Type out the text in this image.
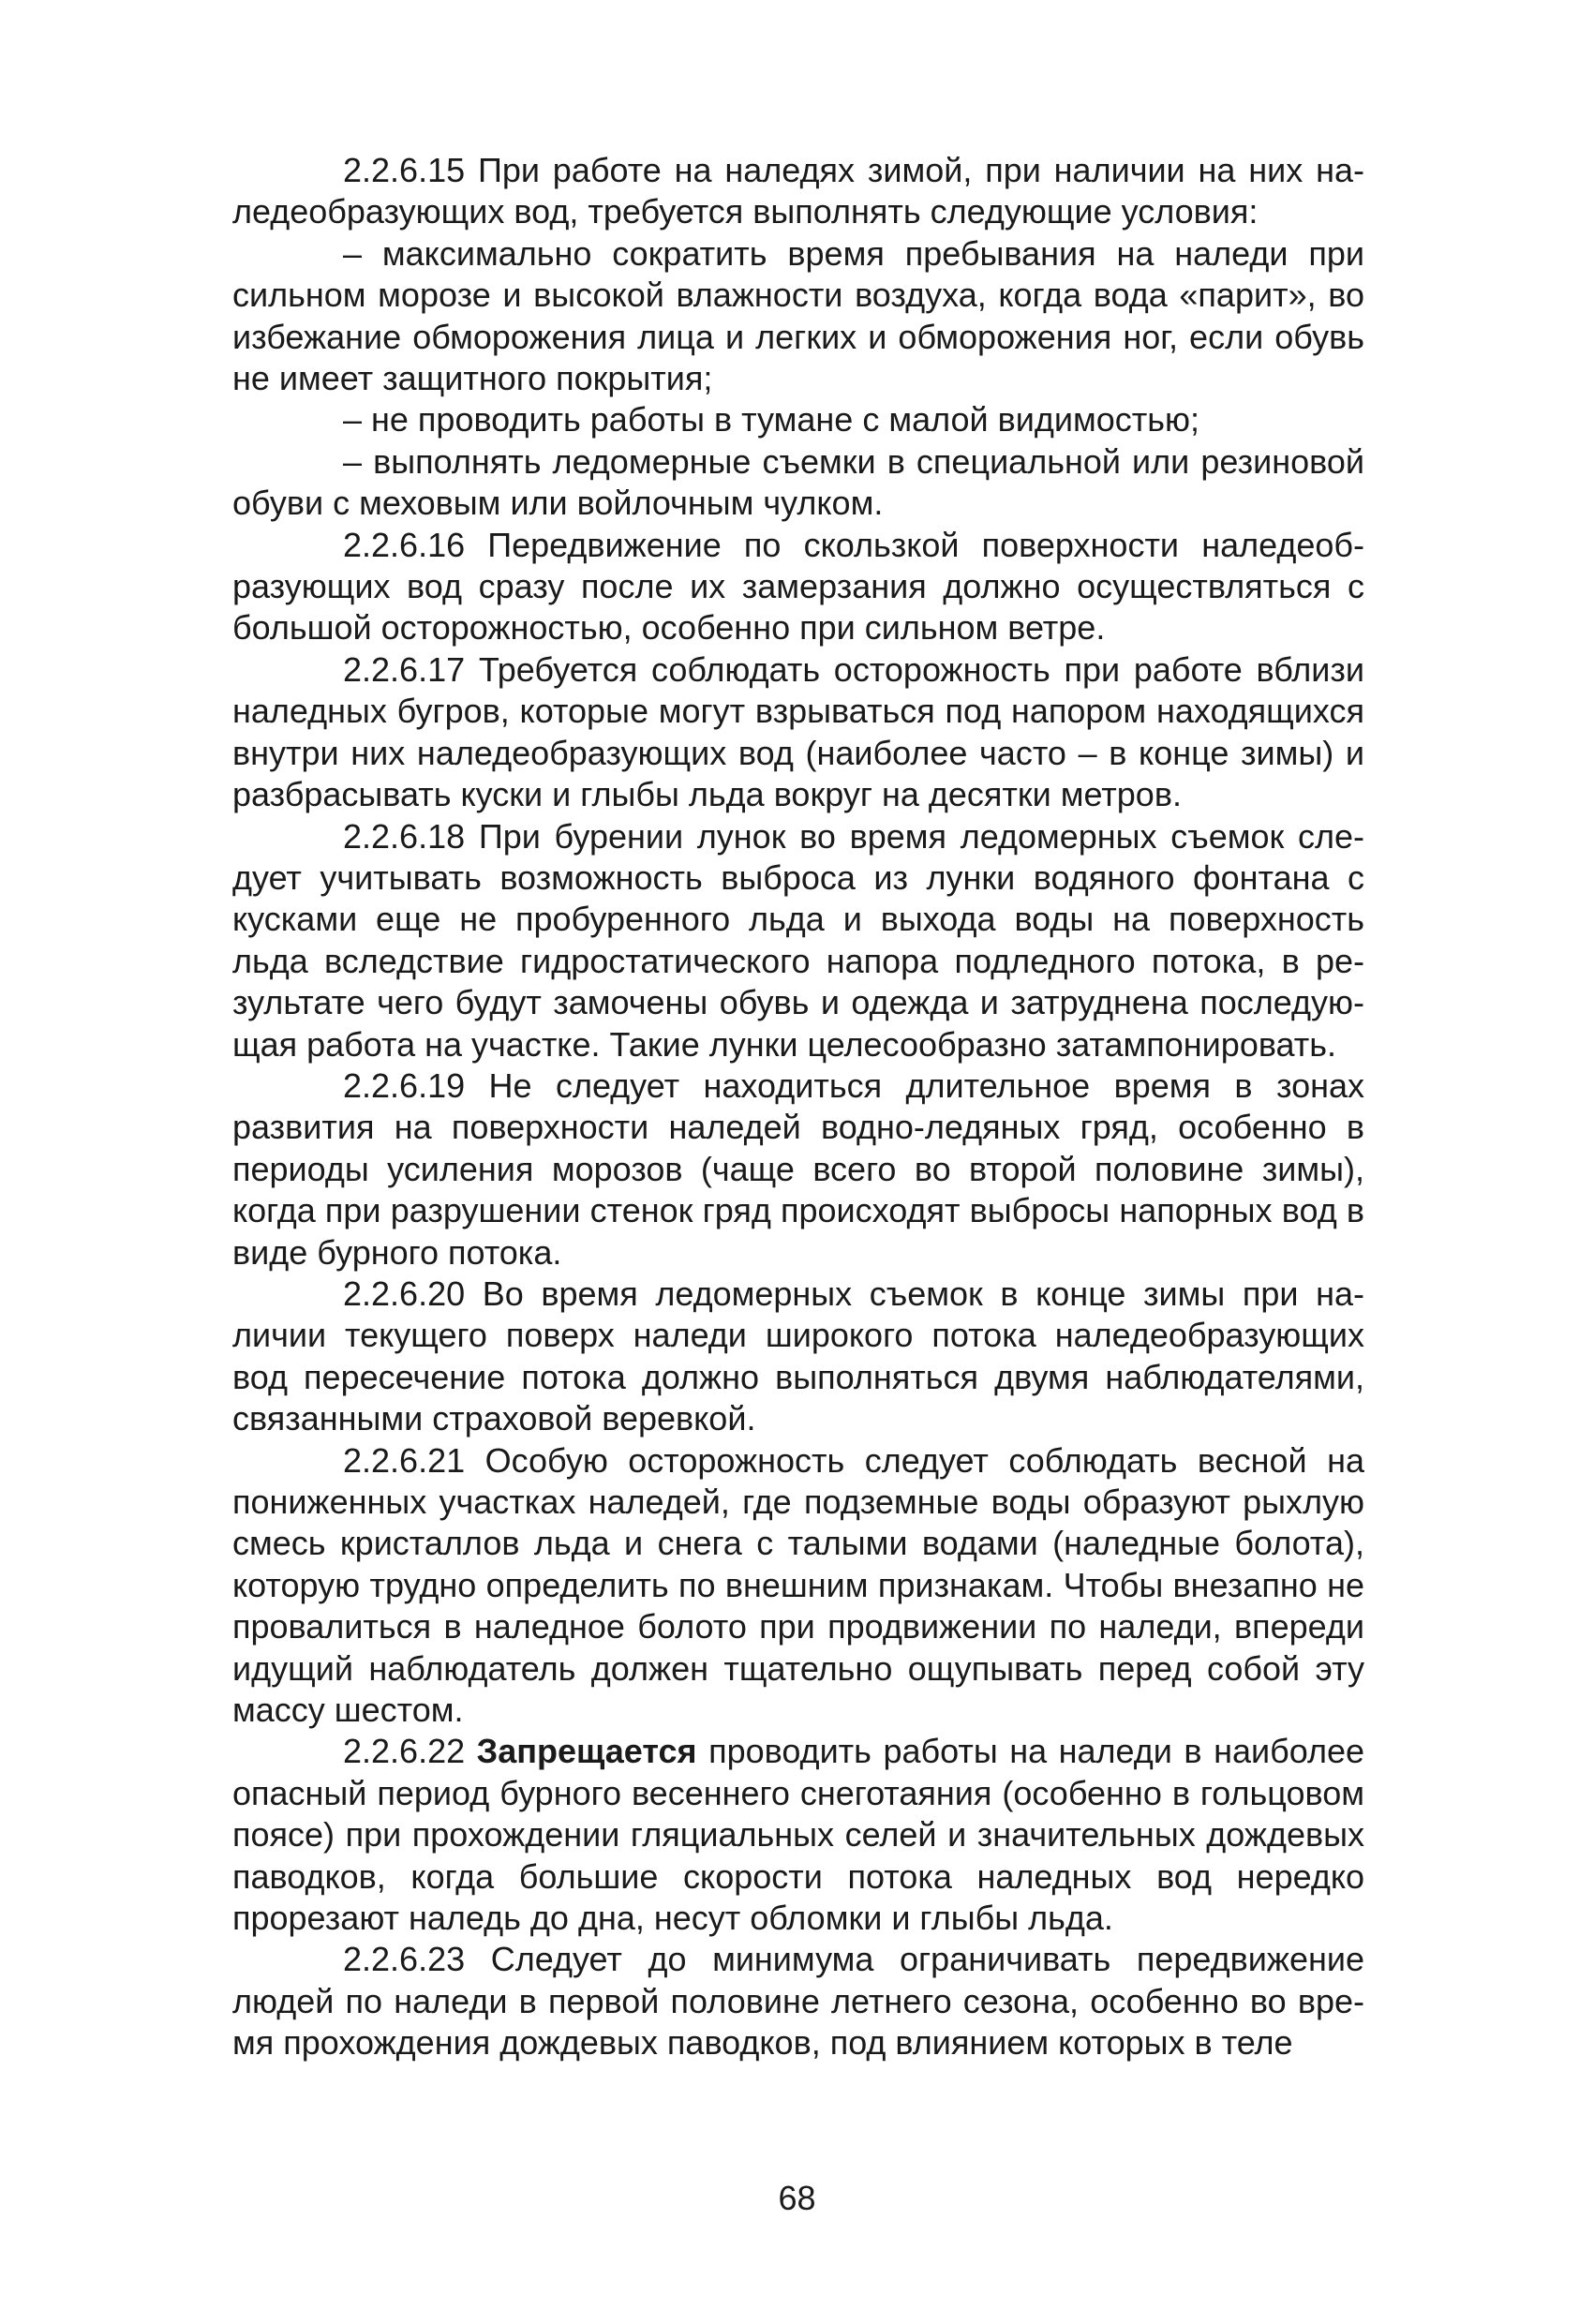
2.2.6.15 При работе на наледях зимой, при наличии на них наледеобразующих вод, требуется выполнять следующие условия:

– максимально сократить время пребывания на наледи при сильном морозе и высокой влажности воздуха, когда вода «парит», во избежание обморожения лица и легких и обморожения ног, если обувь не имеет защитного покрытия;

– не проводить работы в тумане с малой видимостью;

– выполнять ледомерные съемки в специальной или резиновой обуви с меховым или войлочным чулком.

2.2.6.16 Передвижение по скользкой поверхности наледеобразующих вод сразу после их замерзания должно осуществляться с большой осторожностью, особенно при сильном ветре.

2.2.6.17 Требуется соблюдать осторожность при работе вблизи наледных бугров, которые могут взрываться под напором находящихся внутри них наледеобразующих вод (наиболее часто – в конце зимы) и разбрасывать куски и глыбы льда вокруг на десятки метров.

2.2.6.18 При бурении лунок во время ледомерных съемок следует учитывать возможность выброса из лунки водяного фонтана с кусками еще не пробуренного льда и выхода воды на поверхность льда вследствие гидростатического напора подледного потока, в результате чего будут замочены обувь и одежда и затруднена последующая работа на участке. Такие лунки целесообразно затампонировать.

2.2.6.19 Не следует находиться длительное время в зонах развития на поверхности наледей водно-ледяных гряд, особенно в периоды усиления морозов (чаще всего во второй половине зимы), когда при разрушении стенок гряд происходят выбросы напорных вод в виде бурного потока.

2.2.6.20 Во время ледомерных съемок в конце зимы при наличии текущего поверх наледи широкого потока наледеобразующих вод пересечение потока должно выполняться двумя наблюдателями, связанными страховой веревкой.

2.2.6.21 Особую осторожность следует соблюдать весной на пониженных участках наледей, где подземные воды образуют рыхлую смесь кристаллов льда и снега с талыми водами (наледные болота), которую трудно определить по внешним признакам. Чтобы внезапно не провалиться в наледное болото при продвижении по наледи, впереди идущий наблюдатель должен тщательно ощупывать перед собой эту массу шестом.

2.2.6.22 Запрещается проводить работы на наледи в наиболее опасный период бурного весеннего снеготаяния (особенно в гольцовом поясе) при прохождении гляциальных селей и значительных дождевых паводков, когда большие скорости потока наледных вод нередко прорезают наледь до дна, несут обломки и глыбы льда.

2.2.6.23 Следует до минимума ограничивать передвижение людей по наледи в первой половине летнего сезона, особенно во время прохождения дождевых паводков, под влиянием которых в теле

68
